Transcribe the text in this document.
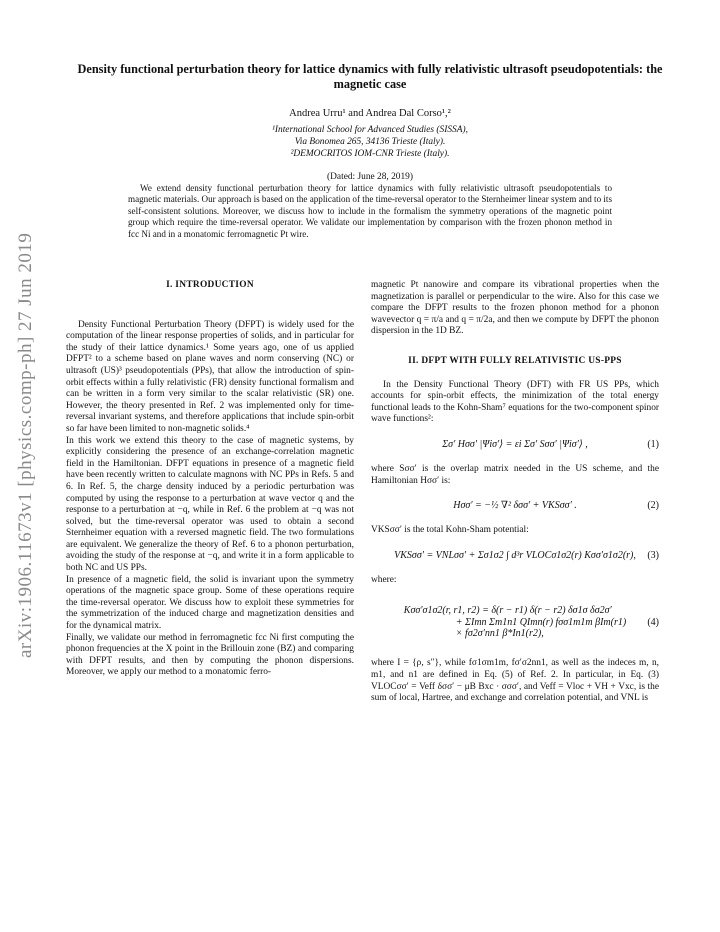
arXiv:1906.11673v1 [physics.comp-ph] 27 Jun 2019
Density functional perturbation theory for lattice dynamics with fully relativistic ultrasoft pseudopotentials: the magnetic case
Andrea Urru¹ and Andrea Dal Corso¹,²
¹International School for Advanced Studies (SISSA),
Via Bonomea 265, 34136 Trieste (Italy).
²DEMOCRITOS IOM-CNR Trieste (Italy).
(Dated: June 28, 2019)
We extend density functional perturbation theory for lattice dynamics with fully relativistic ultrasoft pseudopotentials to magnetic materials. Our approach is based on the application of the time-reversal operator to the Sternheimer linear system and to its self-consistent solutions. Moreover, we discuss how to include in the formalism the symmetry operations of the magnetic point group which require the time-reversal operator. We validate our implementation by comparison with the frozen phonon method in fcc Ni and in a monatomic ferromagnetic Pt wire.
I. INTRODUCTION

Density Functional Perturbation Theory (DFPT) is widely used for the computation of the linear response properties of solids, and in particular for the study of their lattice dynamics.¹ Some years ago, one of us applied DFPT² to a scheme based on plane waves and norm conserving (NC) or ultrasoft (US)³ pseudopotentials (PPs), that allow the introduction of spin-orbit effects within a fully relativistic (FR) density functional formalism and can be written in a form very similar to the scalar relativistic (SR) one. However, the theory presented in Ref. 2 was implemented only for time-reversal invariant systems, and therefore applications that include spin-orbit so far have been limited to non-magnetic solids.⁴

In this work we extend this theory to the case of magnetic systems, by explicitly considering the presence of an exchange-correlation magnetic field in the Hamiltonian. DFPT equations in presence of a magnetic field have been recently written to calculate magnons with NC PPs in Refs. 5 and 6. In Ref. 5, the charge density induced by a periodic perturbation was computed by using the response to a perturbation at wave vector q and the response to a perturbation at −q, while in Ref. 6 the problem at −q was not solved, but the time-reversal operator was used to obtain a second Sternheimer equation with a reversed magnetic field. The two formulations are equivalent. We generalize the theory of Ref. 6 to a phonon perturbation, avoiding the study of the response at −q, and write it in a form applicable to both NC and US PPs.

In presence of a magnetic field, the solid is invariant upon the symmetry operations of the magnetic space group. Some of these operations require the time-reversal operator. We discuss how to exploit these symmetries for the symmetrization of the induced charge and magnetization densities and for the dynamical matrix.

Finally, we validate our method in ferromagnetic fcc Ni first computing the phonon frequencies at the X point in the Brillouin zone (BZ) and comparing with DFPT results, and then by computing the phonon dispersions. Moreover, we apply our method to a monatomic ferro-

magnetic Pt nanowire and compare its vibrational properties when the magnetization is parallel or perpendicular to the wire. Also for this case we compare the DFPT results to the frozen phonon method for a phonon wavevector q = π/a and q = π/2a, and then we compute by DFPT the phonon dispersion in the 1D BZ.

II. DFPT WITH FULLY RELATIVISTIC US-PPS

In the Density Functional Theory (DFT) with FR US PPs, which accounts for spin-orbit effects, the minimization of the total energy functional leads to the Kohn-Sham⁷ equations for the two-component spinor wave functions²:

Σσ′ Hσσ′ |Ψiσ′⟩ = εi Σσ′ Sσσ′ |Ψiσ′⟩ ,	(1)

where Sσσ′ is the overlap matrix needed in the US scheme, and the Hamiltonian Hσσ′ is:

Hσσ′ = −½ ∇² δσσ′ + VKSσσ′ .	(2)

VKSσσ′ is the total Kohn-Sham potential:

VKSσσ′ = VNLσσ′ + Σσ1σ2 ∫ d³r VLOCσ1σ2(r) Kσσ′σ1σ2(r), (3)

where:

Kσσ′σ1σ2(r, r1, r2) = δ(r − r1) δ(r − r2) δσ1σ δσ2σ′
+ ΣImn Σm1n1 QImn(r) fσσ1m1m βIm(r1)
× fσ2σ′nn1 β*In1(r2),
(4)

where I = {ρ, s″}, while fσ1σm1m, fσ′σ2nn1, as well as the indeces m, n, m1, and n1 are defined in Eq. (5) of Ref. 2. In particular, in Eq. (3) VLOCσσ′ = Veff δσσ′ − μB Bxc · σσσ′, and Veff = Vloc + VH + Vxc, is the sum of local, Hartree, and exchange and correlation potential, and VNL is
